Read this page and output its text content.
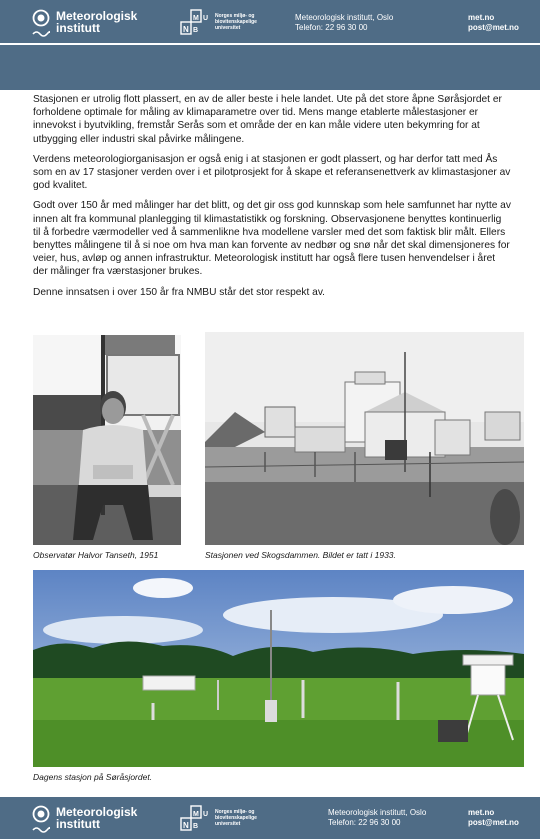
Meteorologisk
institutt	N
M U
B
Norges miljø- og
biovitenskapelige
universitet
Meteorologisk institutt, Oslo
Telefon: 22 96 30 00
met.no
post@met.no

Stasjonen er utrolig flott plassert, en av de aller beste i hele landet. Ute på det store åpne Søråsjordet er forholdene optimale for måling av klimaparametre over tid. Mens mange etablerte målestasjoner er innevokst i byutvikling, fremstår Serås som et område der en kan måle videre uten bekymring for at utbygging eller industri skal påvirke målingene.

Verdens meteorologiorganisasjon er også enig i at stasjonen er godt plassert, og har derfor tatt med Ås som en av 17 stasjoner verden over i et pilotprosjekt for å skape et referansenettverk av klimastasjoner av god kvalitet.

Godt over 150 år med målinger har det blitt, og det gir oss god kunnskap som hele samfunnet har nytte av innen alt fra kommunal planlegging til klimastatistikk og forskning. Observasjonene benyttes kontinuerlig til å forbedre værmodeller ved å sammenlikne hva modellene varsler med det som faktisk blir målt. Ellers benyttes målingene til å si noe om hva man kan forvente av nedbør og snø når det skal dimensjoneres for veier, hus, avløp og annen infrastruktur. Meteorologisk institutt har også flere tusen henvendelser i året der målinger fra værstasjoner brukes.

Denne innsatsen i over 150 år fra NMBU står det stor respekt av.

Observatør Halvor Tanseth, 1951	Stasjonen ved Skogsdammen. Bildet er tatt i 1933.
Dagens stasjon på Søråsjordet.
Meteorologisk
institutt	N
M U
B
Norges miljø- og
biovitenskapelige
universitet
Meteorologisk institutt, Oslo
Telefon: 22 96 30 00
met.no
post@met.no
